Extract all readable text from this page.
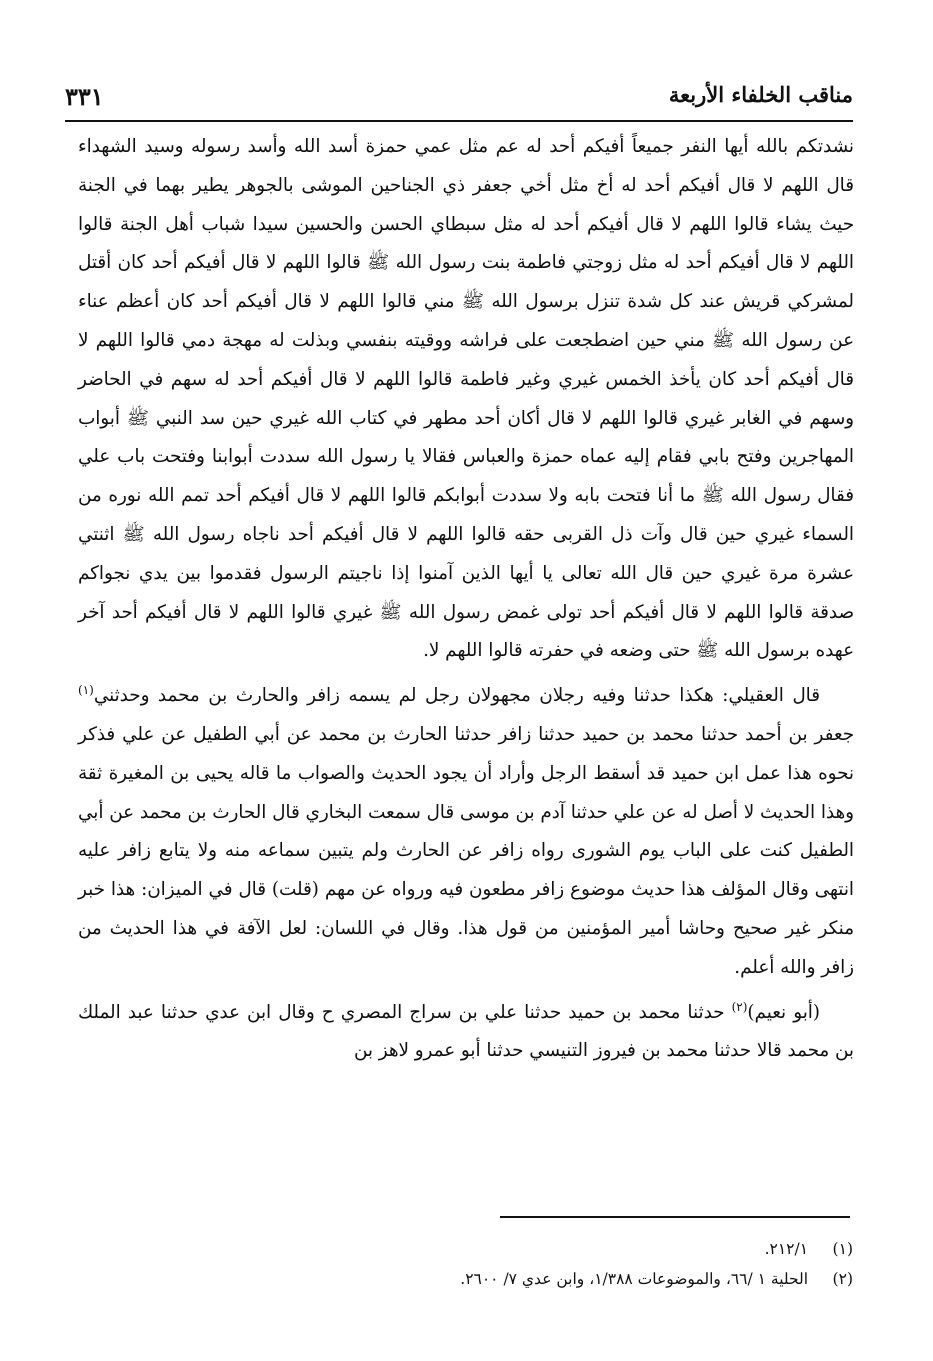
مناقب الخلفاء الأربعة
٣٣١

نشدتكم بالله أيها النفر جميعاً أفيكم أحد له عم مثل عمي حمزة أسد الله وأسد رسوله وسيد الشهداء قال اللهم لا قال أفيكم أحد له أخ مثل أخي جعفر ذي الجناحين الموشى بالجوهر يطير بهما في الجنة حيث يشاء قالوا اللهم لا قال أفيكم أحد له مثل سبطاي الحسن والحسين سيدا شباب أهل الجنة قالوا اللهم لا قال أفيكم أحد له مثل زوجتي فاطمة بنت رسول الله ﷺ قالوا اللهم لا قال أفيكم أحد كان أقتل لمشركي قريش عند كل شدة تنزل برسول الله ﷺ مني قالوا اللهم لا قال أفيكم أحد كان أعظم عناء عن رسول الله ﷺ مني حين اضطجعت على فراشه ووقيته بنفسي وبذلت له مهجة دمي قالوا اللهم لا قال أفيكم أحد كان يأخذ الخمس غيري وغير فاطمة قالوا اللهم لا قال أفيكم أحد له سهم في الحاضر وسهم في الغابر غيري قالوا اللهم لا قال أكان أحد مطهر في كتاب الله غيري حين سد النبي ﷺ أبواب المهاجرين وفتح بابي فقام إليه عماه حمزة والعباس فقالا يا رسول الله سددت أبوابنا وفتحت باب علي فقال رسول الله ﷺ ما أنا فتحت بابه ولا سددت أبوابكم قالوا اللهم لا قال أفيكم أحد تمم الله نوره من السماء غيري حين قال وآت ذل القربى حقه قالوا اللهم لا قال أفيكم أحد ناجاه رسول الله ﷺ اثنتي عشرة مرة غيري حين قال الله تعالى يا أيها الذين آمنوا إذا ناجيتم الرسول فقدموا بين يدي نجواكم صدقة قالوا اللهم لا قال أفيكم أحد تولى غمض رسول الله ﷺ غيري قالوا اللهم لا قال أفيكم أحد آخر عهده برسول الله ﷺ حتى وضعه في حفرته قالوا اللهم لا.

قال العقيلي: هكذا حدثنا وفيه رجلان مجهولان رجل لم يسمه زافر والحارث بن محمد وحدثني$^{(١)}$ جعفر بن أحمد حدثنا محمد بن حميد حدثنا زافر حدثنا الحارث بن محمد عن أبي الطفيل عن علي فذكر نحوه هذا عمل ابن حميد قد أسقط الرجل وأراد أن يجود الحديث والصواب ما قاله يحيى بن المغيرة ثقة وهذا الحديث لا أصل له عن علي حدثنا آدم بن موسى قال سمعت البخاري قال الحارث بن محمد عن أبي الطفيل كنت على الباب يوم الشورى رواه زافر عن الحارث ولم يتبين سماعه منه ولا يتابع زافر عليه انتهى وقال المؤلف هذا حديث موضوع زافر مطعون فيه ورواه عن مهم (قلت) قال في الميزان: هذا خبر منكر غير صحيح وحاشا أمير المؤمنين من قول هذا. وقال في اللسان: لعل الآفة في هذا الحديث من زافر والله أعلم.

(أبو نعيم)$^{(٢)}$ حدثنا محمد بن حميد حدثنا علي بن سراج المصري ح وقال ابن عدي حدثنا عبد الملك بن محمد قالا حدثنا محمد بن فيروز التنيسي حدثنا أبو عمرو لاهز بن

(١) ٢١٢/١.
(٢) الحلية ١ /٦٦، والموضوعات ١/٣٨٨، وابن عدي ٧/ ٢٦٠٠.
